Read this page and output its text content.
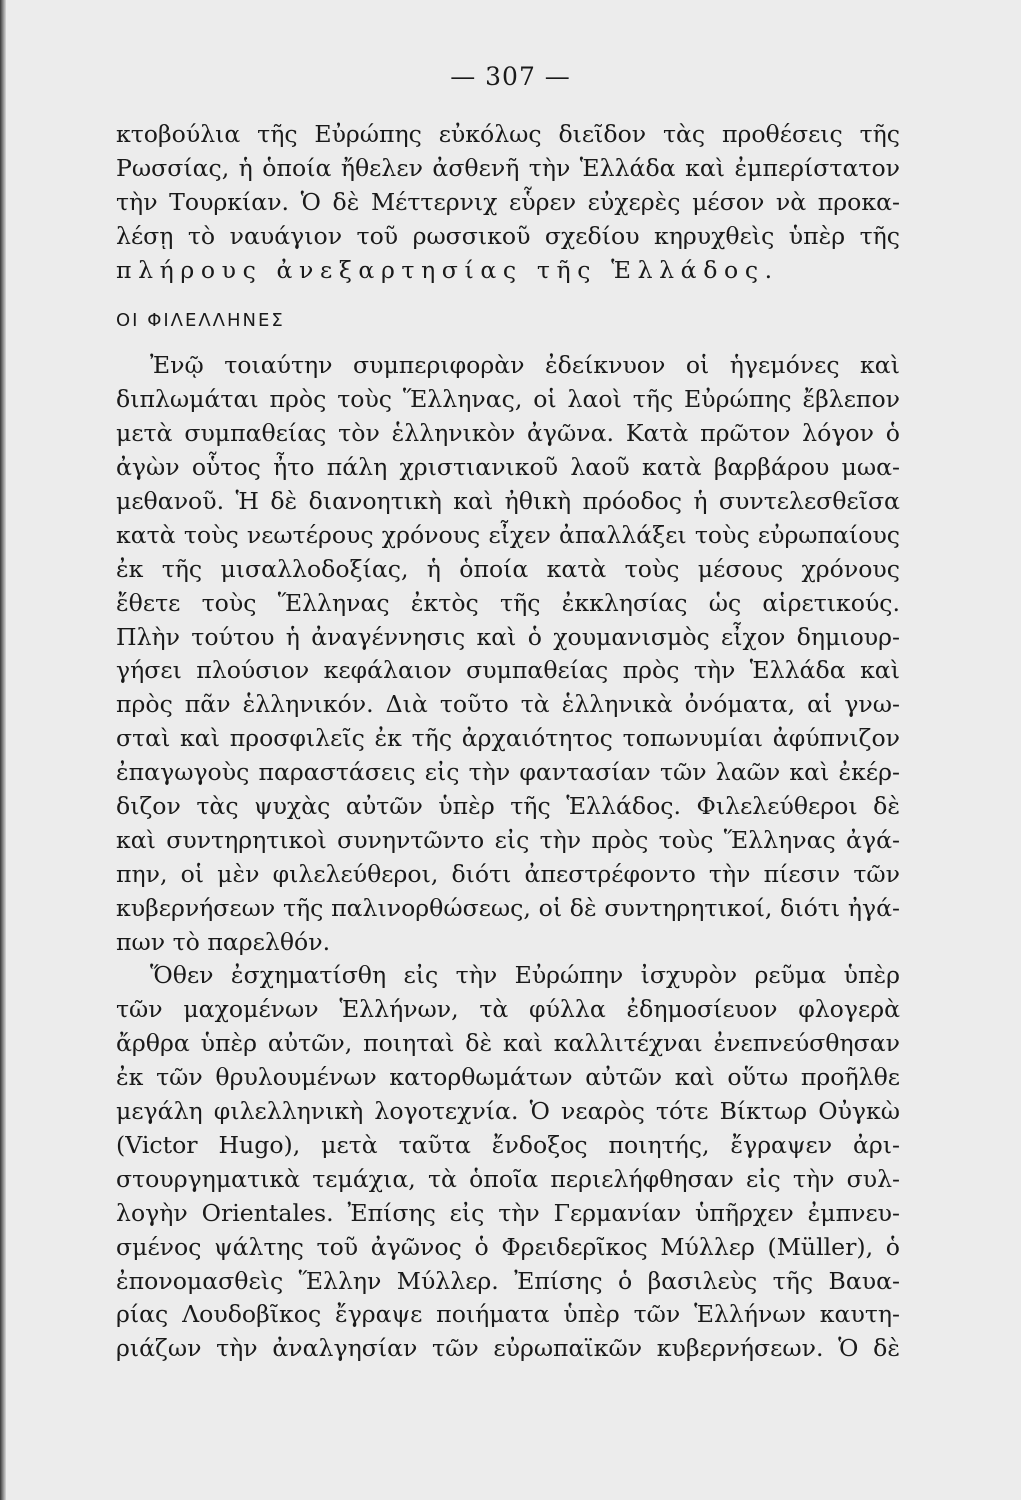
— 307 —
κτοβούλια τῆς Εὐρώπης εὐκόλως διεῖδον τὰς προθέσεις τῆς
Ρωσσίας, ἡ ὁποία ἤθελεν ἀσθενῆ τὴν Ἑλλάδα καὶ ἐμπερίστατον
τὴν Τουρκίαν. Ὁ δὲ Μέττερνιχ εὗρεν εὐχερὲς μέσον νὰ προκα-
λέσῃ τὸ ναυάγιον τοῦ ρωσσικοῦ σχεδίου κηρυχθεὶς ὑπὲρ τῆς
πλήρους ἀνεξαρτησίας τῆς Ἑλλάδος.
ΟΙ ΦΙΛΕΛΛΗΝΕΣ
Ἐνῷ τοιαύτην συμπεριφορὰν ἐδείκνυον οἱ ἡγεμόνες καὶ
διπλωμάται πρὸς τοὺς Ἕλληνας, οἱ λαοὶ τῆς Εὐρώπης ἔβλεπον
μετὰ συμπαθείας τὸν ἑλληνικὸν ἀγῶνα. Κατὰ πρῶτον λόγον ὁ
ἀγὼν οὗτος ἦτο πάλη χριστιανικοῦ λαοῦ κατὰ βαρβάρου μωα-
μεθανοῦ. Ἡ δὲ διανοητικὴ καὶ ἠθικὴ πρόοδος ἡ συντελεσθεῖσα
κατὰ τοὺς νεωτέρους χρόνους εἶχεν ἀπαλλάξει τοὺς εὐρωπαίους
ἐκ τῆς μισαλλοδοξίας, ἡ ὁποία κατὰ τοὺς μέσους χρόνους
ἔθετε τοὺς Ἕλληνας ἐκτὸς τῆς ἐκκλησίας ὡς αἱρετικούς.
Πλὴν τούτου ἡ ἀναγέννησις καὶ ὁ χουμανισμὸς εἶχον δημιουρ-
γήσει πλούσιον κεφάλαιον συμπαθείας πρὸς τὴν Ἑλλάδα καὶ
πρὸς πᾶν ἑλληνικόν. Διὰ τοῦτο τὰ ἑλληνικὰ ὀνόματα, αἱ γνω-
σταὶ καὶ προσφιλεῖς ἐκ τῆς ἀρχαιότητος τοπωνυμίαι ἀφύπνιζον
ἐπαγωγοὺς παραστάσεις εἰς τὴν φαντασίαν τῶν λαῶν καὶ ἐκέρ-
διζον τὰς ψυχὰς αὐτῶν ὑπὲρ τῆς Ἑλλάδος. Φιλελεύθεροι δὲ
καὶ συντηρητικοὶ συνηντῶντο εἰς τὴν πρὸς τοὺς Ἕλληνας ἀγά-
πην, οἱ μὲν φιλελεύθεροι, διότι ἀπεστρέφοντο τὴν πίεσιν τῶν
κυβερνήσεων τῆς παλινορθώσεως, οἱ δὲ συντηρητικοί, διότι ἠγά-
πων τὸ παρελθόν.
Ὅθεν ἐσχηματίσθη εἰς τὴν Εὐρώπην ἰσχυρὸν ρεῦμα ὑπὲρ
τῶν μαχομένων Ἑλλήνων, τὰ φύλλα ἐδημοσίευον φλογερὰ
ἄρθρα ὑπὲρ αὐτῶν, ποιηταὶ δὲ καὶ καλλιτέχναι ἐνεπνεύσθησαν
ἐκ τῶν θρυλουμένων κατορθωμάτων αὐτῶν καὶ οὕτω προῆλθε
μεγάλη φιλελληνικὴ λογοτεχνία. Ὁ νεαρὸς τότε Βίκτωρ Οὐγκὼ
(Victor Hugo), μετὰ ταῦτα ἔνδοξος ποιητής, ἔγραψεν ἀρι-
στουργηματικὰ τεμάχια, τὰ ὁποῖα περιελήφθησαν εἰς τὴν συλ-
λογὴν Orientales. Ἐπίσης εἰς τὴν Γερμανίαν ὑπῆρχεν ἐμπνευ-
σμένος ψάλτης τοῦ ἀγῶνος ὁ Φρειδερῖκος Μύλλερ (Müller), ὁ
ἐπονομασθεὶς Ἕλλην Μύλλερ. Ἐπίσης ὁ βασιλεὺς τῆς Βαυα-
ρίας Λουδοβῖκος ἔγραψε ποιήματα ὑπὲρ τῶν Ἑλλήνων καυτη-
ριάζων τὴν ἀναλγησίαν τῶν εὐρωπαϊκῶν κυβερνήσεων. Ὁ δὲ
